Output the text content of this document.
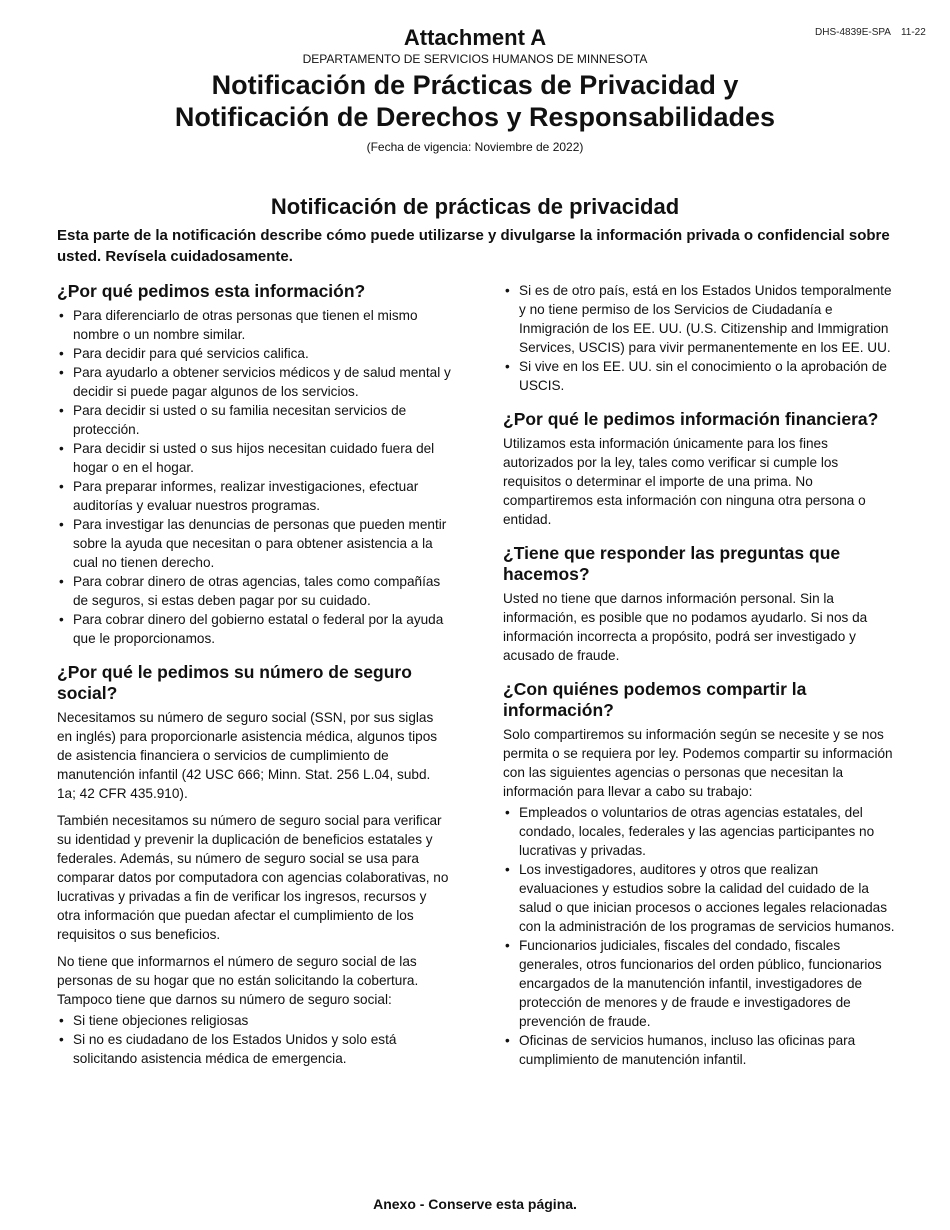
DHS-4839E-SPA 11-22
Attachment A
DEPARTAMENTO DE SERVICIOS HUMANOS DE MINNESOTA
Notificación de Prácticas de Privacidad y
Notificación de Derechos y Responsabilidades
(Fecha de vigencia: Noviembre de 2022)
Notificación de prácticas de privacidad
Esta parte de la notificación describe cómo puede utilizarse y divulgarse la información privada o confidencial sobre usted. Revísela cuidadosamente.
¿Por qué pedimos esta información?
• Para diferenciarlo de otras personas que tienen el mismo nombre o un nombre similar.
• Para decidir para qué servicios califica.
• Para ayudarlo a obtener servicios médicos y de salud mental y decidir si puede pagar algunos de los servicios.
• Para decidir si usted o su familia necesitan servicios de protección.
• Para decidir si usted o sus hijos necesitan cuidado fuera del hogar o en el hogar.
• Para preparar informes, realizar investigaciones, efectuar auditorías y evaluar nuestros programas.
• Para investigar las denuncias de personas que pueden mentir sobre la ayuda que necesitan o para obtener asistencia a la cual no tienen derecho.
• Para cobrar dinero de otras agencias, tales como compañías de seguros, si estas deben pagar por su cuidado.
• Para cobrar dinero del gobierno estatal o federal por la ayuda que le proporcionamos.
¿Por qué le pedimos su número de seguro social?

Necesitamos su número de seguro social (SSN, por sus siglas en inglés) para proporcionarle asistencia médica, algunos tipos de asistencia financiera o servicios de cumplimiento de manutención infantil (42 USC 666; Minn. Stat. 256 L.04, subd. 1a; 42 CFR 435.910).

También necesitamos su número de seguro social para verificar su identidad y prevenir la duplicación de beneficios estatales y federales. Además, su número de seguro social se usa para comparar datos por computadora con agencias colaborativas, no lucrativas y privadas a fin de verificar los ingresos, recursos y otra información que puedan afectar el cumplimiento de los requisitos o sus beneficios.

No tiene que informarnos el número de seguro social de las personas de su hogar que no están solicitando la cobertura. Tampoco tiene que darnos su número de seguro social:

• Si tiene objeciones religiosas
• Si no es ciudadano de los Estados Unidos y solo está solicitando asistencia médica de emergencia.
• Si es de otro país, está en los Estados Unidos temporalmente y no tiene permiso de los Servicios de Ciudadanía e Inmigración de los EE. UU. (U.S. Citizenship and Immigration Services, USCIS) para vivir permanentemente en los EE. UU.
• Si vive en los EE. UU. sin el conocimiento o la aprobación de USCIS.
¿Por qué le pedimos información financiera?

Utilizamos esta información únicamente para los fines autorizados por la ley, tales como verificar si cumple los requisitos o determinar el importe de una prima. No compartiremos esta información con ninguna otra persona o entidad.

¿Tiene que responder las preguntas que hacemos?

Usted no tiene que darnos información personal. Sin la información, es posible que no podamos ayudarlo. Si nos da información incorrecta a propósito, podrá ser investigado y acusado de fraude.

¿Con quiénes podemos compartir la información?

Solo compartiremos su información según se necesite y se nos permita o se requiera por ley. Podemos compartir su información con las siguientes agencias o personas que necesitan la información para llevar a cabo su trabajo:

• Empleados o voluntarios de otras agencias estatales, del condado, locales, federales y las agencias participantes no lucrativas y privadas.
• Los investigadores, auditores y otros que realizan evaluaciones y estudios sobre la calidad del cuidado de la salud o que inician procesos o acciones legales relacionadas con la administración de los programas de servicios humanos.
• Funcionarios judiciales, fiscales del condado, fiscales generales, otros funcionarios del orden público, funcionarios encargados de la manutención infantil, investigadores de protección de menores y de fraude e investigadores de prevención de fraude.
• Oficinas de servicios humanos, incluso las oficinas para cumplimiento de manutención infantil.
Anexo - Conserve esta página.
